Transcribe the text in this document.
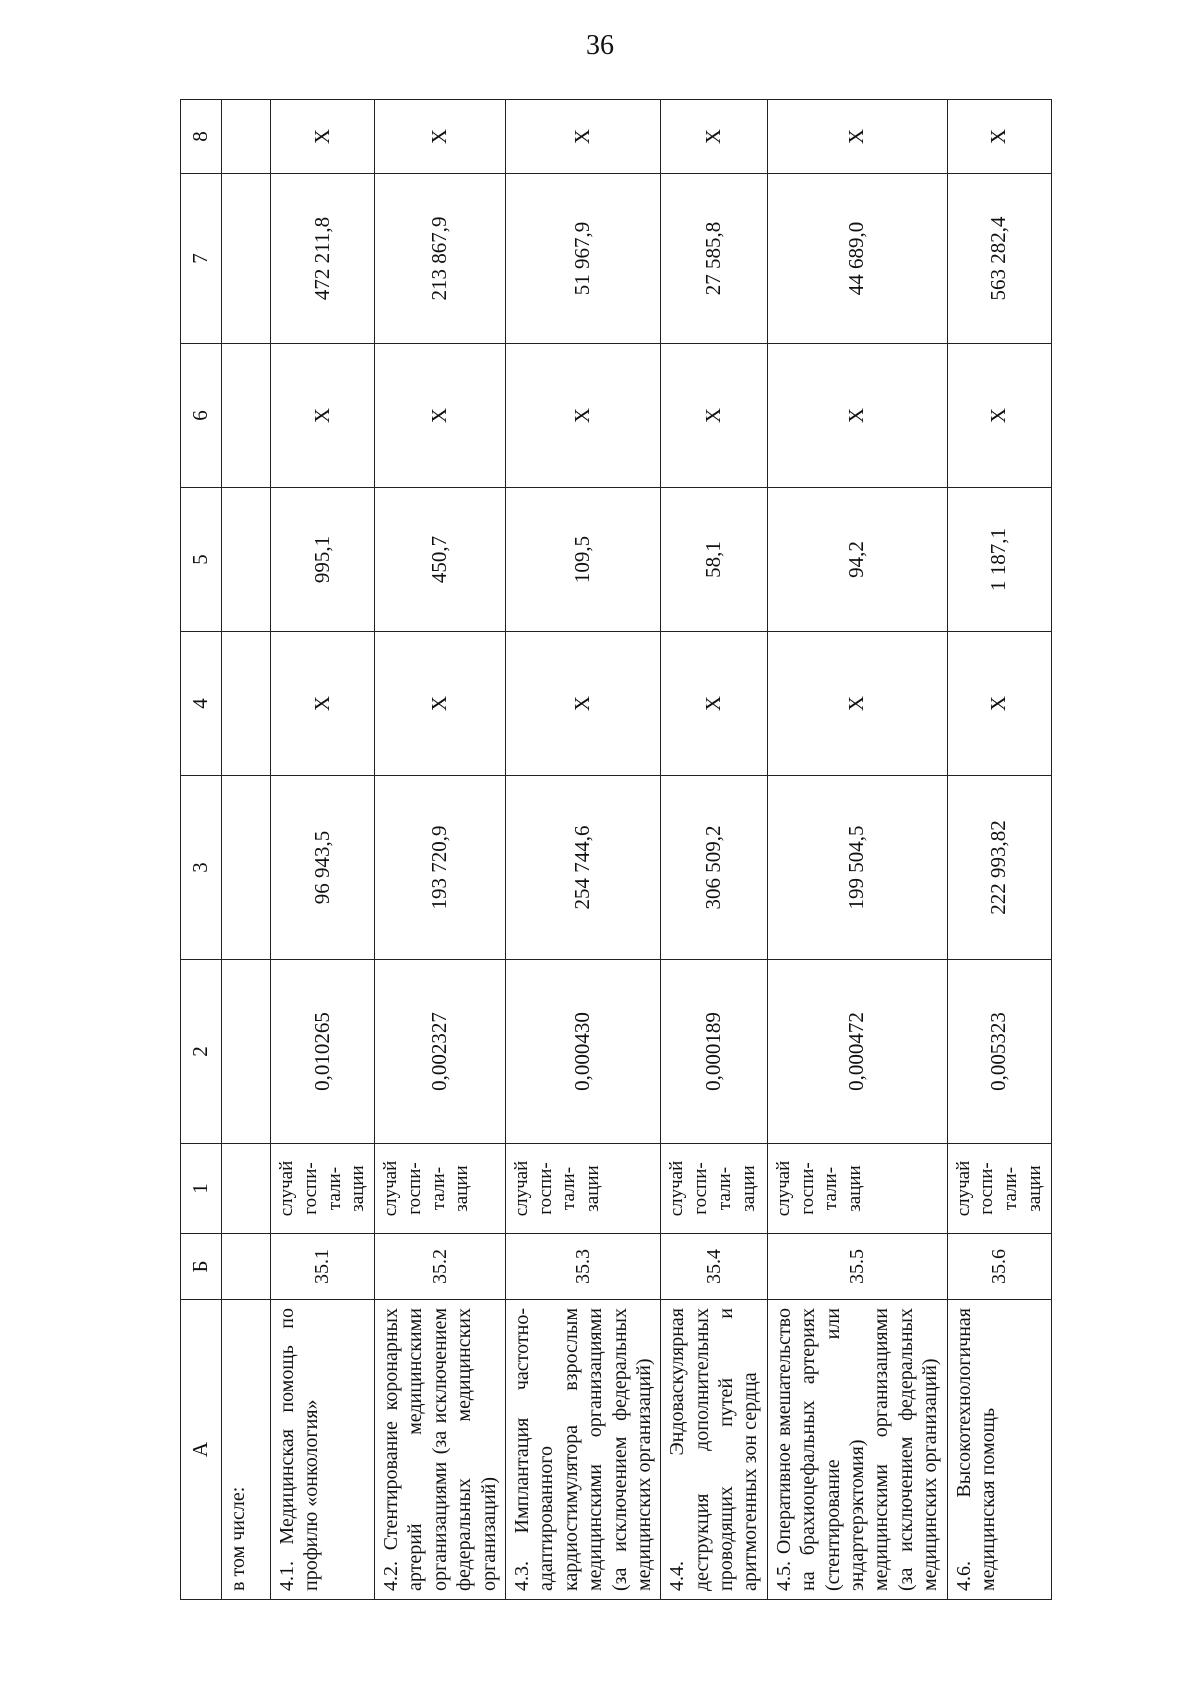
36
А	Б	1	2	3	4	5	6	7	8
в том числе:									
4.1. Медицинская помощь по профилю «онкология»	35.1	случай госпи-тали-зации	0,010265	96 943,5	X	995,1	X	472 211,8	X
4.2. Стентирование коронарных артерий медицинскими организациями (за исключением федеральных медицинских организаций)	35.2	случай госпи-тали-зации	0,002327	193 720,9	X	450,7	X	213 867,9	X
4.3. Имплантация частотно-адаптированного кардиостимулятора взрослым медицинскими организациями (за исключением федеральных медицинских организаций)	35.3	случай госпи-тали-зации	0,000430	254 744,6	X	109,5	X	51 967,9	X
4.4. Эндоваскулярная деструкция дополнительных проводящих путей и аритмогенных зон сердца	35.4	случай госпи-тали-зации	0,000189	306 509,2	X	58,1	X	27 585,8	X
4.5. Оперативное вмешательство на брахиоцефальных артериях (стентирование или эндартерэктомия) медицинскими организациями (за исключением федеральных медицинских организаций)	35.5	случай госпи-тали-зации	0,000472	199 504,5	X	94,2	X	44 689,0	X
4.6. Высокотехнологичная медицинская помощь	35.6	случай госпи-тали-зации	0,005323	222 993,82	X	1 187,1	X	563 282,4	X
